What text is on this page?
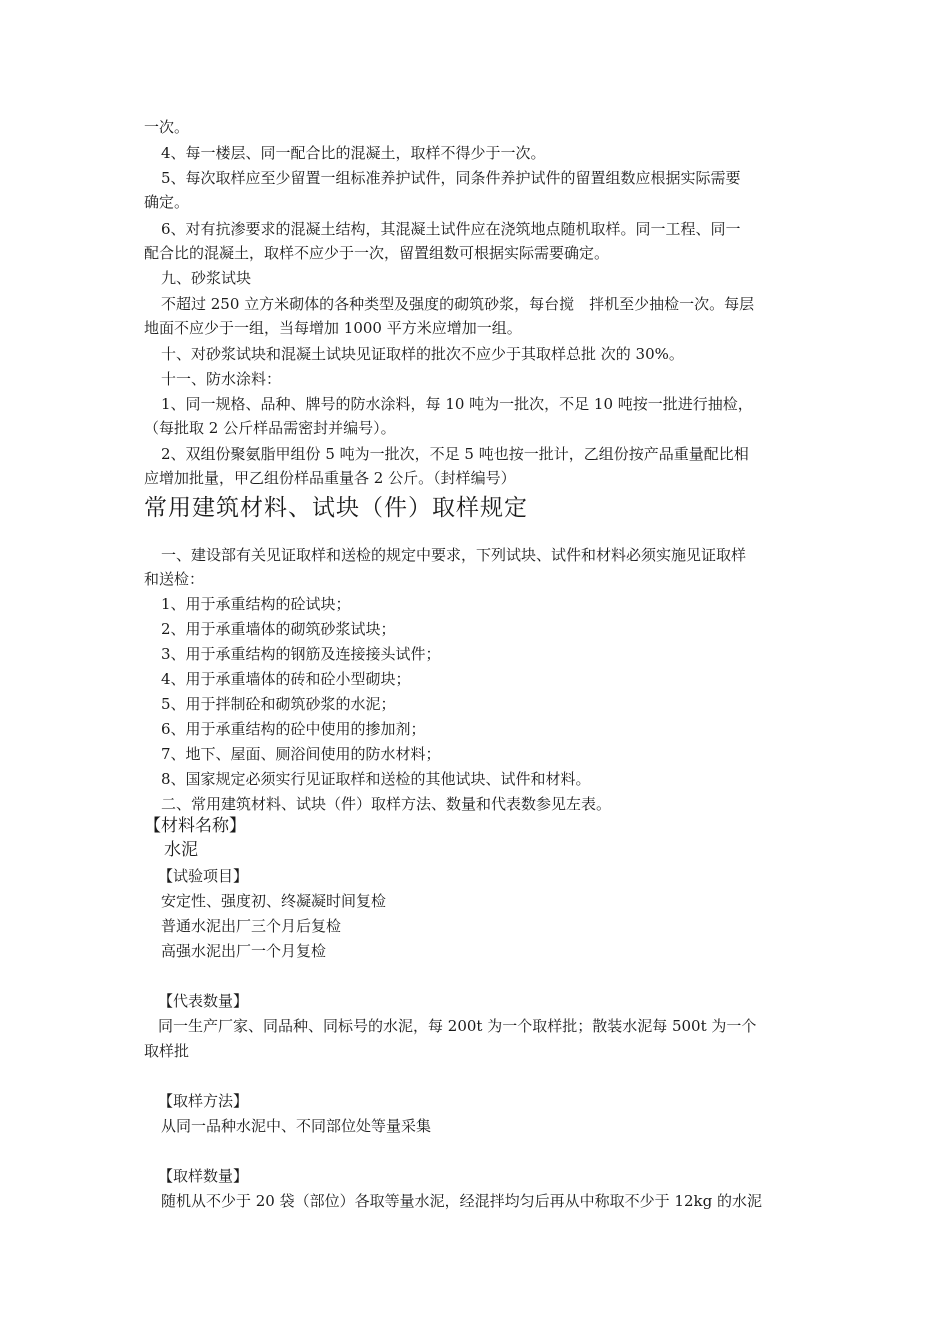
一次。
4、每一楼层、同一配合比的混凝土，取样不得少于一次。
5、每次取样应至少留置一组标准养护试件，同条件养护试件的留置组数应根据实际需要
确定。
6、对有抗渗要求的混凝土结构，其混凝土试件应在浇筑地点随机取样。同一工程、同一
配合比的混凝土，取样不应少于一次，留置组数可根据实际需要确定。
九、砂浆试块
不超过 250 立方米砌体的各种类型及强度的砌筑砂浆，每台搅　拌机至少抽检一次。每层
地面不应少于一组，当每增加 1000 平方米应增加一组。
十、对砂浆试块和混凝土试块见证取样的批次不应少于其取样总批 次的 30%。
十一、防水涂料：
1、同一规格、品种、牌号的防水涂料，每 10 吨为一批次，不足 10 吨按一批进行抽检，
（每批取 2 公斤样品需密封并编号）。
2、双组份聚氨脂甲组份 5 吨为一批次，不足 5 吨也按一批计，乙组份按产品重量配比相
应增加批量，甲乙组份样品重量各 2 公斤。（封样编号）
常用建筑材料、试块（件）取样规定
一、建设部有关见证取样和送检的规定中要求，下列试块、试件和材料必须实施见证取样
和送检：
1、用于承重结构的砼试块；
2、用于承重墙体的砌筑砂浆试块；
3、用于承重结构的钢筋及连接接头试件；
4、用于承重墙体的砖和砼小型砌块；
5、用于拌制砼和砌筑砂浆的水泥；
6、用于承重结构的砼中使用的掺加剂；
7、地下、屋面、厕浴间使用的防水材料；
8、国家规定必须实行见证取样和送检的其他试块、试件和材料。
二、常用建筑材料、试块（件）取样方法、数量和代表数参见左表。
【材料名称】
水泥
【试验项目】
安定性、强度初、终凝凝时间复检
普通水泥出厂三个月后复检
高强水泥出厂一个月复检
【代表数量】
同一生产厂家、同品种、同标号的水泥，每 200t 为一个取样批；散装水泥每 500t 为一个
取样批
【取样方法】
从同一品种水泥中、不同部位处等量采集
【取样数量】
随机从不少于 20 袋（部位）各取等量水泥，经混拌均匀后再从中称取不少于 12kg 的水泥
